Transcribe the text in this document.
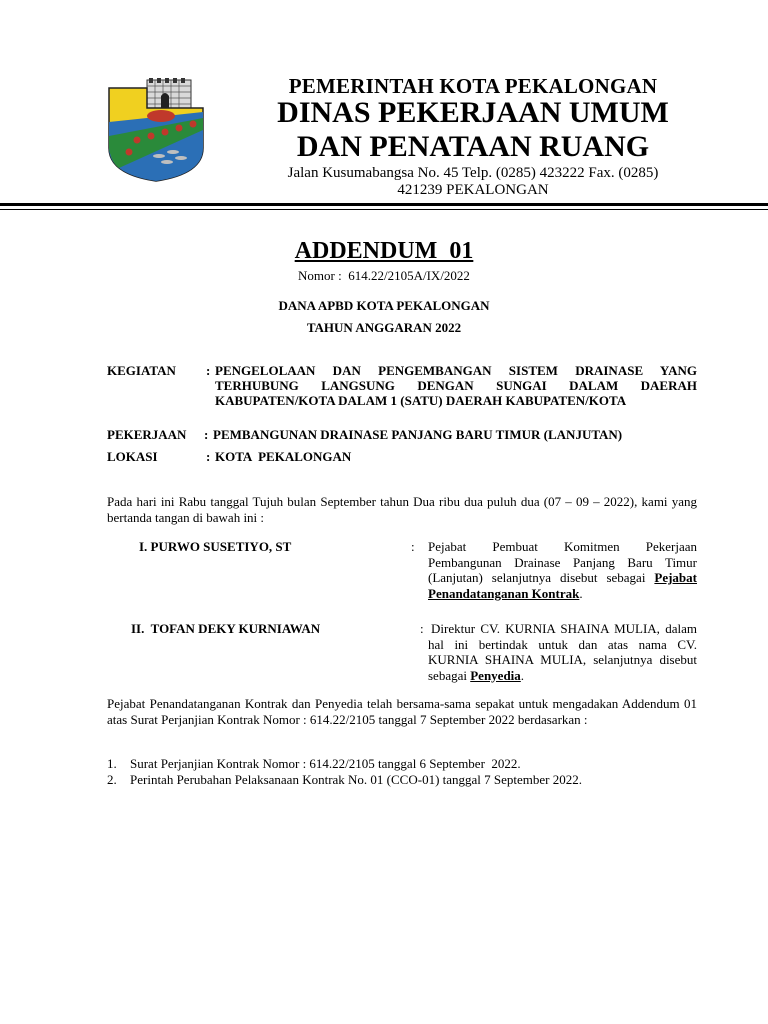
PEMERINTAH KOTA PEKALONGAN
DINAS PEKERJAAN UMUM
DAN PENATAAN RUANG
Jalan Kusumabangsa No. 45 Telp. (0285) 423222 Fax. (0285)
421239 PEKALONGAN
ADDENDUM  01
Nomor :  614.22/2105A/IX/2022
DANA APBD KOTA PEKALONGAN
TAHUN ANGGARAN 2022
KEGIATAN : PENGELOLAAN DAN PENGEMBANGAN SISTEM DRAINASE YANG TERHUBUNG LANGSUNG DENGAN SUNGAI DALAM DAERAH KABUPATEN/KOTA DALAM 1 (SATU) DAERAH KABUPATEN/KOTA
PEKERJAAN : PEMBANGUNAN DRAINASE PANJANG BARU TIMUR (LANJUTAN)
LOKASI	: KOTA  PEKALONGAN
Pada hari ini Rabu tanggal Tujuh bulan September tahun Dua ribu dua puluh dua (07 – 09 – 2022), kami yang bertanda tangan di bawah ini :
I. PURWO SUSETIYO, ST	: Pejabat Pembuat Komitmen Pekerjaan Pembangunan Drainase Panjang Baru Timur (Lanjutan) selanjutnya disebut sebagai Pejabat Penandatanganan Kontrak.
II.  TOFAN DEKY KURNIAWAN	: Direktur CV. KURNIA SHAINA MULIA, dalam hal ini bertindak untuk dan atas nama CV. KURNIA SHAINA MULIA, selanjutnya disebut sebagai Penyedia.
Pejabat Penandatanganan Kontrak dan Penyedia telah bersama-sama sepakat untuk mengadakan Addendum 01 atas Surat Perjanjian Kontrak Nomor : 614.22/2105 tanggal 7 September 2022 berdasarkan :
1. Surat Perjanjian Kontrak Nomor : 614.22/2105 tanggal 6 September  2022.
2. Perintah Perubahan Pelaksanaan Kontrak No. 01 (CCO-01) tanggal 7 September 2022.
